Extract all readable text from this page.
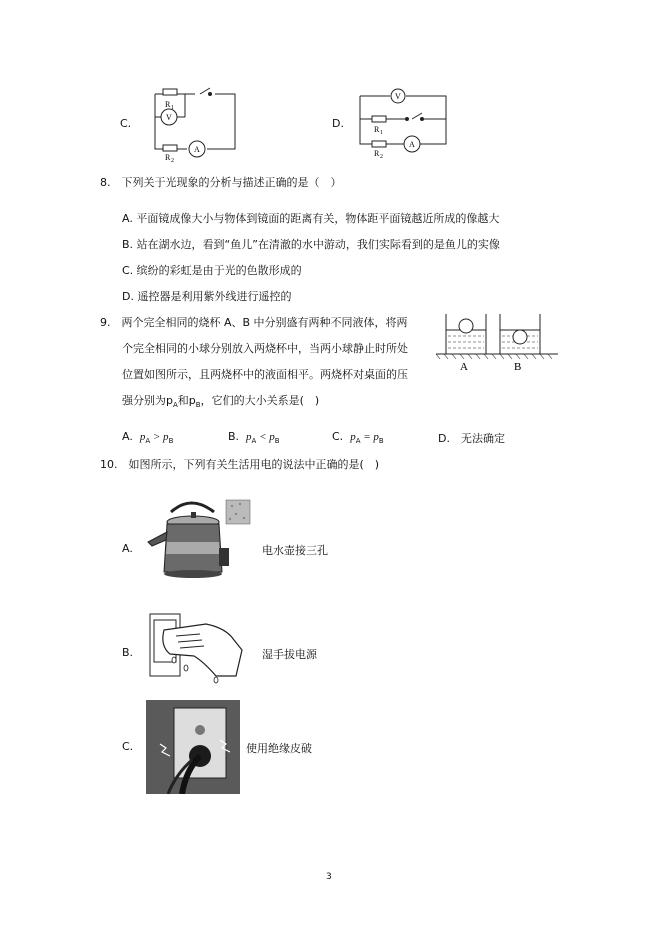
C.
R 1
V
A
R 2
D.
V
R 1
A
R 2
8.　下列关于光现象的分析与描述正确的是（　）
A. 平面镜成像大小与物体到镜面的距离有关，物体距平面镜越近所成的像越大
B. 站在湖水边，看到“鱼儿”在清澈的水中游动，我们实际看到的是鱼儿的实像
C. 缤纷的彩虹是由于光的色散形成的
D. 遥控器是利用紫外线进行遥控的
9.　两个完全相同的烧杯 A、B 中分别盛有两种不同液体，将两
个完全相同的小球分别放入两烧杯中，当两小球静止时所处
位置如图所示，且两烧杯中的液面相平。两烧杯对桌面的压
强分别为$p_A$和$p_B$，它们的大小关系是(　)
A	B
A. $p_A > p_B$	B. $p_A < p_B$	C. $p_A = p_B$	D.　无法确定
10.　如图所示，下列有关生活用电的说法中正确的是(　)
A.	电水壶接三孔
B.	湿手拔电源
C.	使用绝缘皮破
3
